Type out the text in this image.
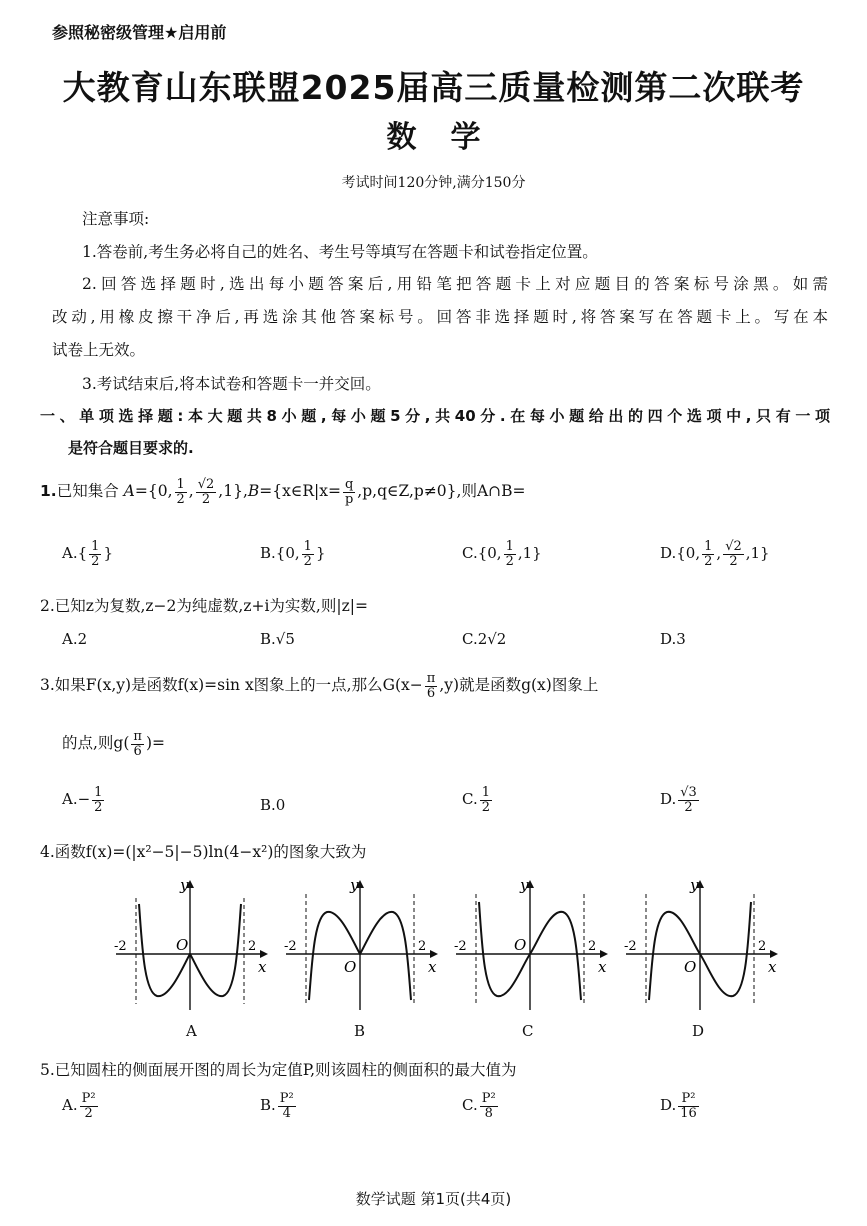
参照秘密级管理★启用前
大教育山东联盟2025届高三质量检测第二次联考
数学
考试时间120分钟,满分150分
注意事项:
1.答卷前,考生务必将自己的姓名、考生号等填写在答题卡和试卷指定位置。
2.回答选择题时,选出每小题答案后,用铅笔把答题卡上对应题目的答案标号涂黑。如需
改动,用橡皮擦干净后,再选涂其他答案标号。回答非选择题时,将答案写在答题卡上。写在本
试卷上无效。
3.考试结束后,将本试卷和答题卡一并交回。
一、单项选择题:本大题共8小题,每小题5分,共40分.在每小题给出的四个选项中,只有一项
是符合题目要求的.
1.已知集合 A={0, $\frac{1}{2}$ , $\frac{√2}{2}$ ,1},B={x∈R|x= $\frac{q}{p}$ ,p,q∈Z,p≠0},则A∩B=
$A.\{ \frac{1}{2}$ }	B.{0, $\frac{1}{2}$ }	C.{0, $\frac{1}{2} ,1$}	D.{0, $\frac{1}{2}$ , $\frac{√2}{2} ,1$}
2.已知z为复数,z−2为纯虚数,z+i为实数,则|z|=
A.2	B.√5	C.2√2	D.3
3.如果F(x,y)是函数f(x)=sin x图象上的一点,那么$G(x- \frac{\pi}{6} ,y)$就是函数g(x)图象上
的点,则$g( \frac{\pi}{6}$ )=
$A.- \frac{1}{2}$	B.0	C. $\frac{1}{2}$	D. $\frac{√3}{2}$
4.函数f(x)=(|x²−5|−5)ln(4−x²)的图象大致为
y
x
O
-2	2
y
x
O
-2	2
y
x
O
-2	2
y
x
O
-2	2
A	B	C	D
5.已知圆柱的侧面展开图的周长为定值P,则该圆柱的侧面积的最大值为
A. $\frac{\text{P²}}{2}$	B. $\frac{\text{P²}}{4}$	C. $\frac{\text{P²}}{8}$	D. $\frac{\text{P²}}{16}$
数学试题 第1页(共4页)
